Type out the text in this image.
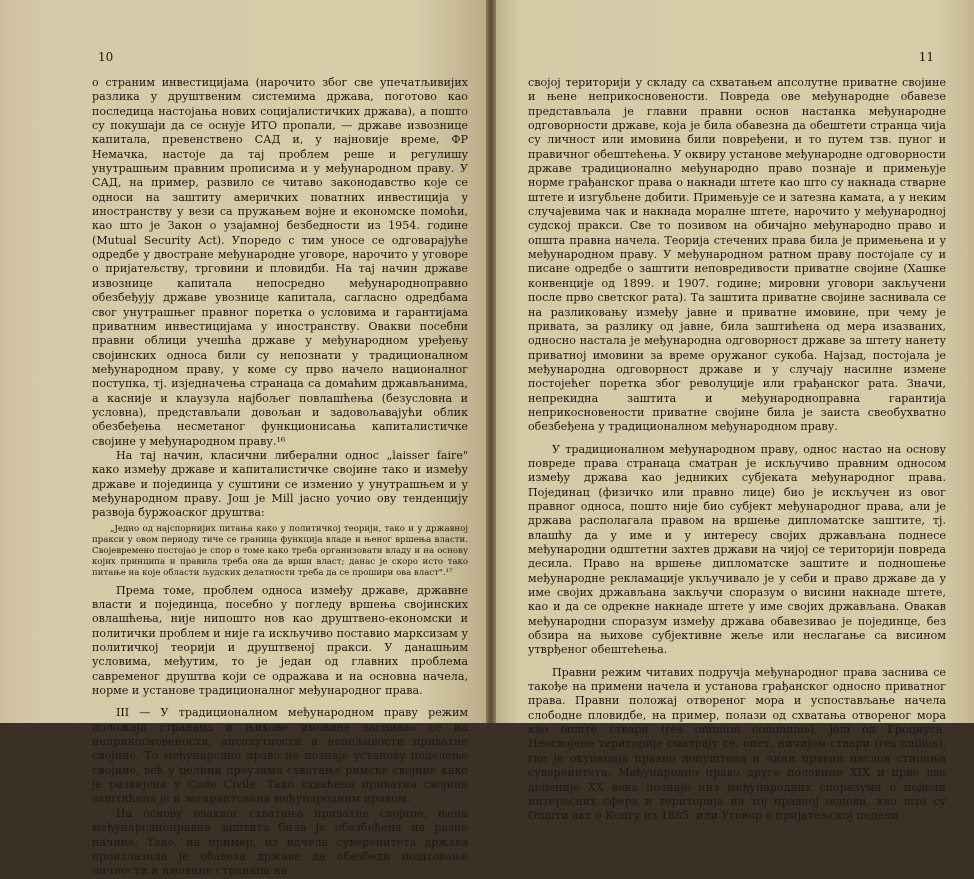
10

о страним инвестицијама (нарочито због све упечатљивијих разлика у друштвеним системима држава, поготово као последица настојања нових социјалистичких држава), а пошто су покушаји да се оснује ИТО пропали, — државе извознице капитала, превенствено САД и, у најновије време, ФР Немачка, настоје да тај проблем реше и регулишу унутрашњим правним прописима и у међународном праву. У САД, на пример, развило се читаво законодавство које се односи на заштиту америчких поватних инвестиција у иностранству у вези са пружањем војне и економске помоћи, као што је Закон о узајамној безбедности из 1954. године (Mutual Security Act). Упоредо с тим уносе се одговарајуће одредбе у двостране међународне уговоре, нарочито у уговоре о пријатељству, трговини и пловидби. На тај начин државе извознице капитала непосредно међународноправно обезбеђују државе увознице капитала, сагласно одредбама свог унутрашњег правног поретка о условима и гарантијама приватним инвестицијама у иностранству. Овакви посебни правни облици учешћа државе у међународном уређењу својинских односа били су непознати у традиционалном међународном праву, у коме су прво начело националног поступка, тј. изједначења странаца са домаћим држављанима, а касније и клаузула најбољег повлашћења (безусловна и условна), представљали довољан и задовољавајући облик обезбеђења несметаног функционисања капиталистичке својине у међународном праву.¹⁶

На тај начин, класични либерални однос „laisser faire" како између државе и капиталистичке својине тако и између државе и појединца у суштини се изменио у унутрашњем и у међународном праву. Још је Mill јасно уочио ову тенденцију развоја буржоаског друштва:

„Једно од најспорнијих питања како у политичкој теорији, тако и у државној пракси у овом периоду тиче се граница функција владе и њеног вршења власти. Својевремено постојао је спор о томе како треба организовати владу и на основу којих принципа и правила треба она да врши власт; данас је скоро исто тако питање на које области људских делатности треба да се прошири ова власт".¹⁷

Према томе, проблем односа између државе, државне власти и појединца, посебно у погледу вршења својинских овлашћења, није нипошто нов као друштвено-економски и политички проблем и није га искључиво поставио марксизам у политичкој теорији и друштвеној пракси. У данашњим условима, међутим, то је један од главних проблема савременог друштва који се одражава и на основна начела, норме и установе традиционалног међународног права.

III — У традиционалном међународном праву режим положаја странаца и њихове имовине заснивао се на неприкосновености, апсолутности и недељивости приватне својине. То међународно право не познаје установу поделење својине, већ у целини преузима схватање римске својине како је развијена у Code Civile. Тако схваћена приватна својина заштићена је и загарантована међународним правом.

На основу оваквог схватања приватне својине, њена међународноправна заштита била је обезбеђена на разне начине. Тако, на пример, из начела суверенитета држава произлазила је обавеза државе да обезбеди поштовање личности и имовине странаца на

11

својој територији у складу са схватањем апсолутне приватне својине и њене неприкосновености. Повреда ове међународне обавезе представљала је главни правни основ настанка међународне одговорности државе, која је била обавезна да обештети странца чија су личност или имовина били повређени, и то путем тзв. пуног и правичног обештећења. У оквиру установе међународне одговорности државе традиционално међународно право познаје и примењује норме грађанског права о накнади штете као што су накнада стварне штете и изгубљене добити. Примењује се и затезна камата, а у неким случајевима чак и накнада моралне штете, нарочито у међународној судској пракси. Све то позивом на обичајно међународно право и општа правна начела. Теорија стечених права била је примењена и у међународном праву. У међународном ратном праву постојале су и писане одредбе о заштити неповредивости приватне својине (Хашке конвенције од 1899. и 1907. године; мировни уговори закључени после прво светског рата). Та заштита приватне својине заснивала се на разликовању између јавне и приватне имовине, при чему је привата, за разлику од јавне, била заштићена од мера изазваних, односно настала је међународна одговорност државе за штету нанету приватној имовини за време оружаног сукоба. Најзад, постојала је међународна одговорност државе и у случају насилне измене постојећег поретка због револуције или грађанског рата. Значи, непрекидна заштита и међународноправна гарантија неприкосновености приватне својине била је заиста свеобухватно обезбеђена у традиционалном међународном праву.

У традиционалном међународном праву, однос настао на основу повреде права странаца сматран је искључиво правним односом између држава као једниких субјеката међународног права. Појединац (физичко или правно лице) био је искључен из овог правног односа, пошто није био субјект међународног права, али је држава располагала правом на вршење дипломатске заштите, тј. влашћу да у име и у интересу својих држављана поднесе међународни одштетни захтев држави на чијој се територији повреда десила. Право на вршење дипломатске заштите и подношење међународне рекламације укључивало је у себи и право државе да у име својих држављана закључи споразум о висини накнаде штете, као и да се одрекне накнаде штете у име својих држављана. Овакав међународни споразум између држава обавезивао је појединце, без обзира на њихове субјективне жеље или неслагање са висином утврђеног обештећења.

Правни режим читавих подручја међународног права заснива се такође на примени начела и установа грађанског односно приватног права. Правни положај отвореног мора и успостављање начела слободне пловидбе, на пример, полази од схватања отвореног мора као опште ствари (res omnium communis), још од Гроциуса. Неосвојене територије сматрају се, опет, ничијом ствари (res nullius), где је окупација правно допуштена и чини правни наслов стицања суверенитета. Међународно право друге половине XIX и прве две деценије XX века познаје низ међународних споразума о подели интересних сфера и територија на тој правној основи, као што су Општи акт о Конгу из 1885. или Уговор о пријатељској подели
